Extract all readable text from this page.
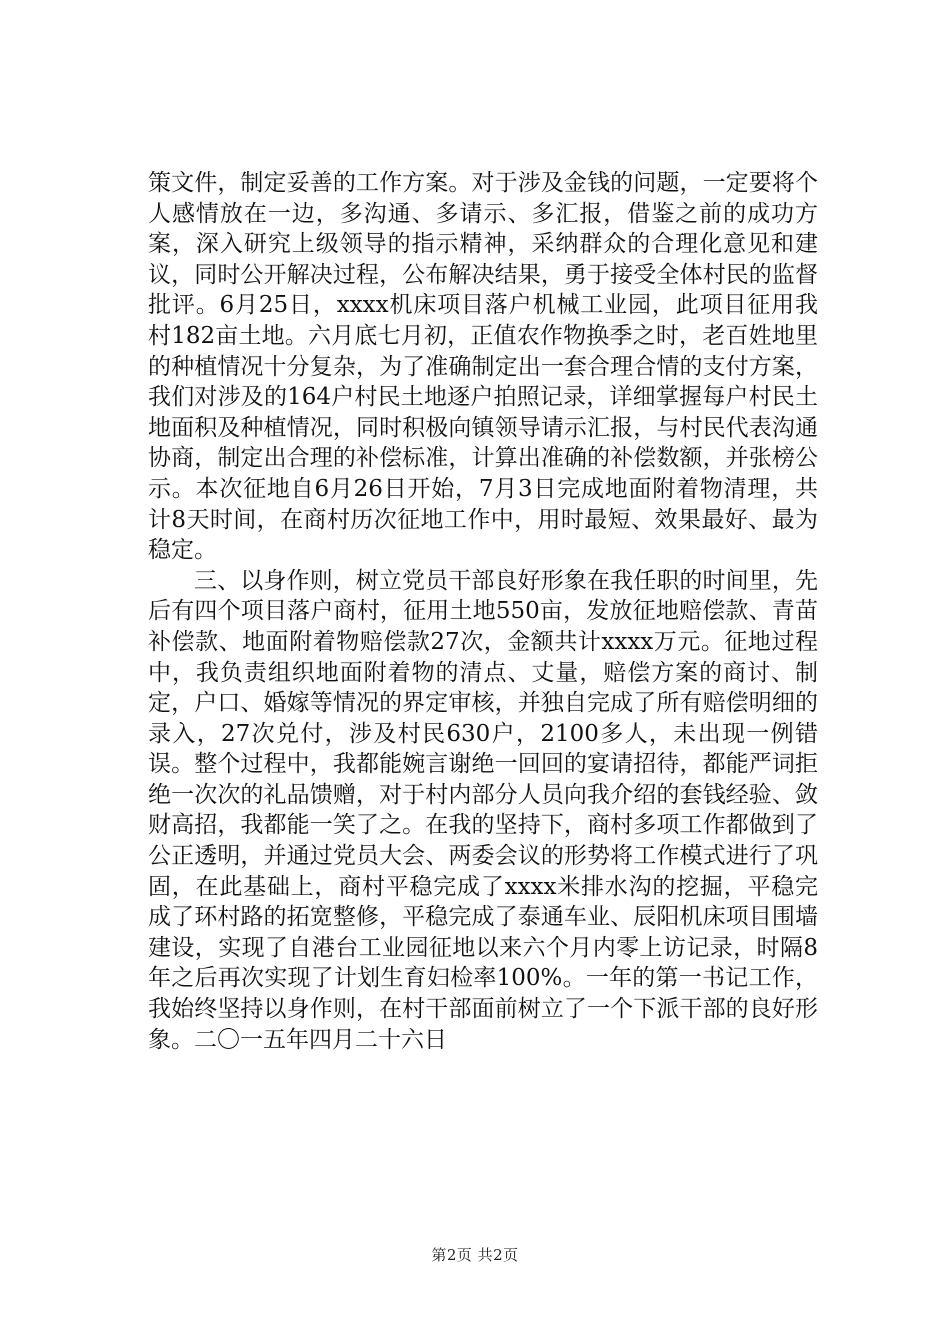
策文件，制定妥善的工作方案。对于涉及金钱的问题，一定要将个人感情放在一边，多沟通、多请示、多汇报，借鉴之前的成功方案，深入研究上级领导的指示精神，采纳群众的合理化意见和建议，同时公开解决过程，公布解决结果，勇于接受全体村民的监督批评。6月25日，xxxx机床项目落户机械工业园，此项目征用我村182亩土地。六月底七月初，正值农作物换季之时，老百姓地里的种植情况十分复杂，为了准确制定出一套合理合情的支付方案，我们对涉及的164户村民土地逐户拍照记录，详细掌握每户村民土地面积及种植情况，同时积极向镇领导请示汇报，与村民代表沟通协商，制定出合理的补偿标准，计算出准确的补偿数额，并张榜公示。本次征地自6月26日开始，7月3日完成地面附着物清理，共计8天时间，在商村历次征地工作中，用时最短、效果最好、最为稳定。

三、以身作则，树立党员干部良好形象在我任职的时间里，先后有四个项目落户商村，征用土地550亩，发放征地赔偿款、青苗补偿款、地面附着物赔偿款27次，金额共计xxxx万元。征地过程中，我负责组织地面附着物的清点、丈量，赔偿方案的商讨、制定，户口、婚嫁等情况的界定审核，并独自完成了所有赔偿明细的录入，27次兑付，涉及村民630户，2100多人，未出现一例错误。整个过程中，我都能婉言谢绝一回回的宴请招待，都能严词拒绝一次次的礼品馈赠，对于村内部分人员向我介绍的套钱经验、敛财高招，我都能一笑了之。在我的坚持下，商村多项工作都做到了公正透明，并通过党员大会、两委会议的形势将工作模式进行了巩固，在此基础上，商村平稳完成了xxxx米排水沟的挖掘，平稳完成了环村路的拓宽整修，平稳完成了泰通车业、辰阳机床项目围墙建设，实现了自港台工业园征地以来六个月内零上访记录，时隔8年之后再次实现了计划生育妇检率100%。一年的第一书记工作，我始终坚持以身作则，在村干部面前树立了一个下派干部的良好形象。二〇一五年四月二十六日

第2页 共2页
